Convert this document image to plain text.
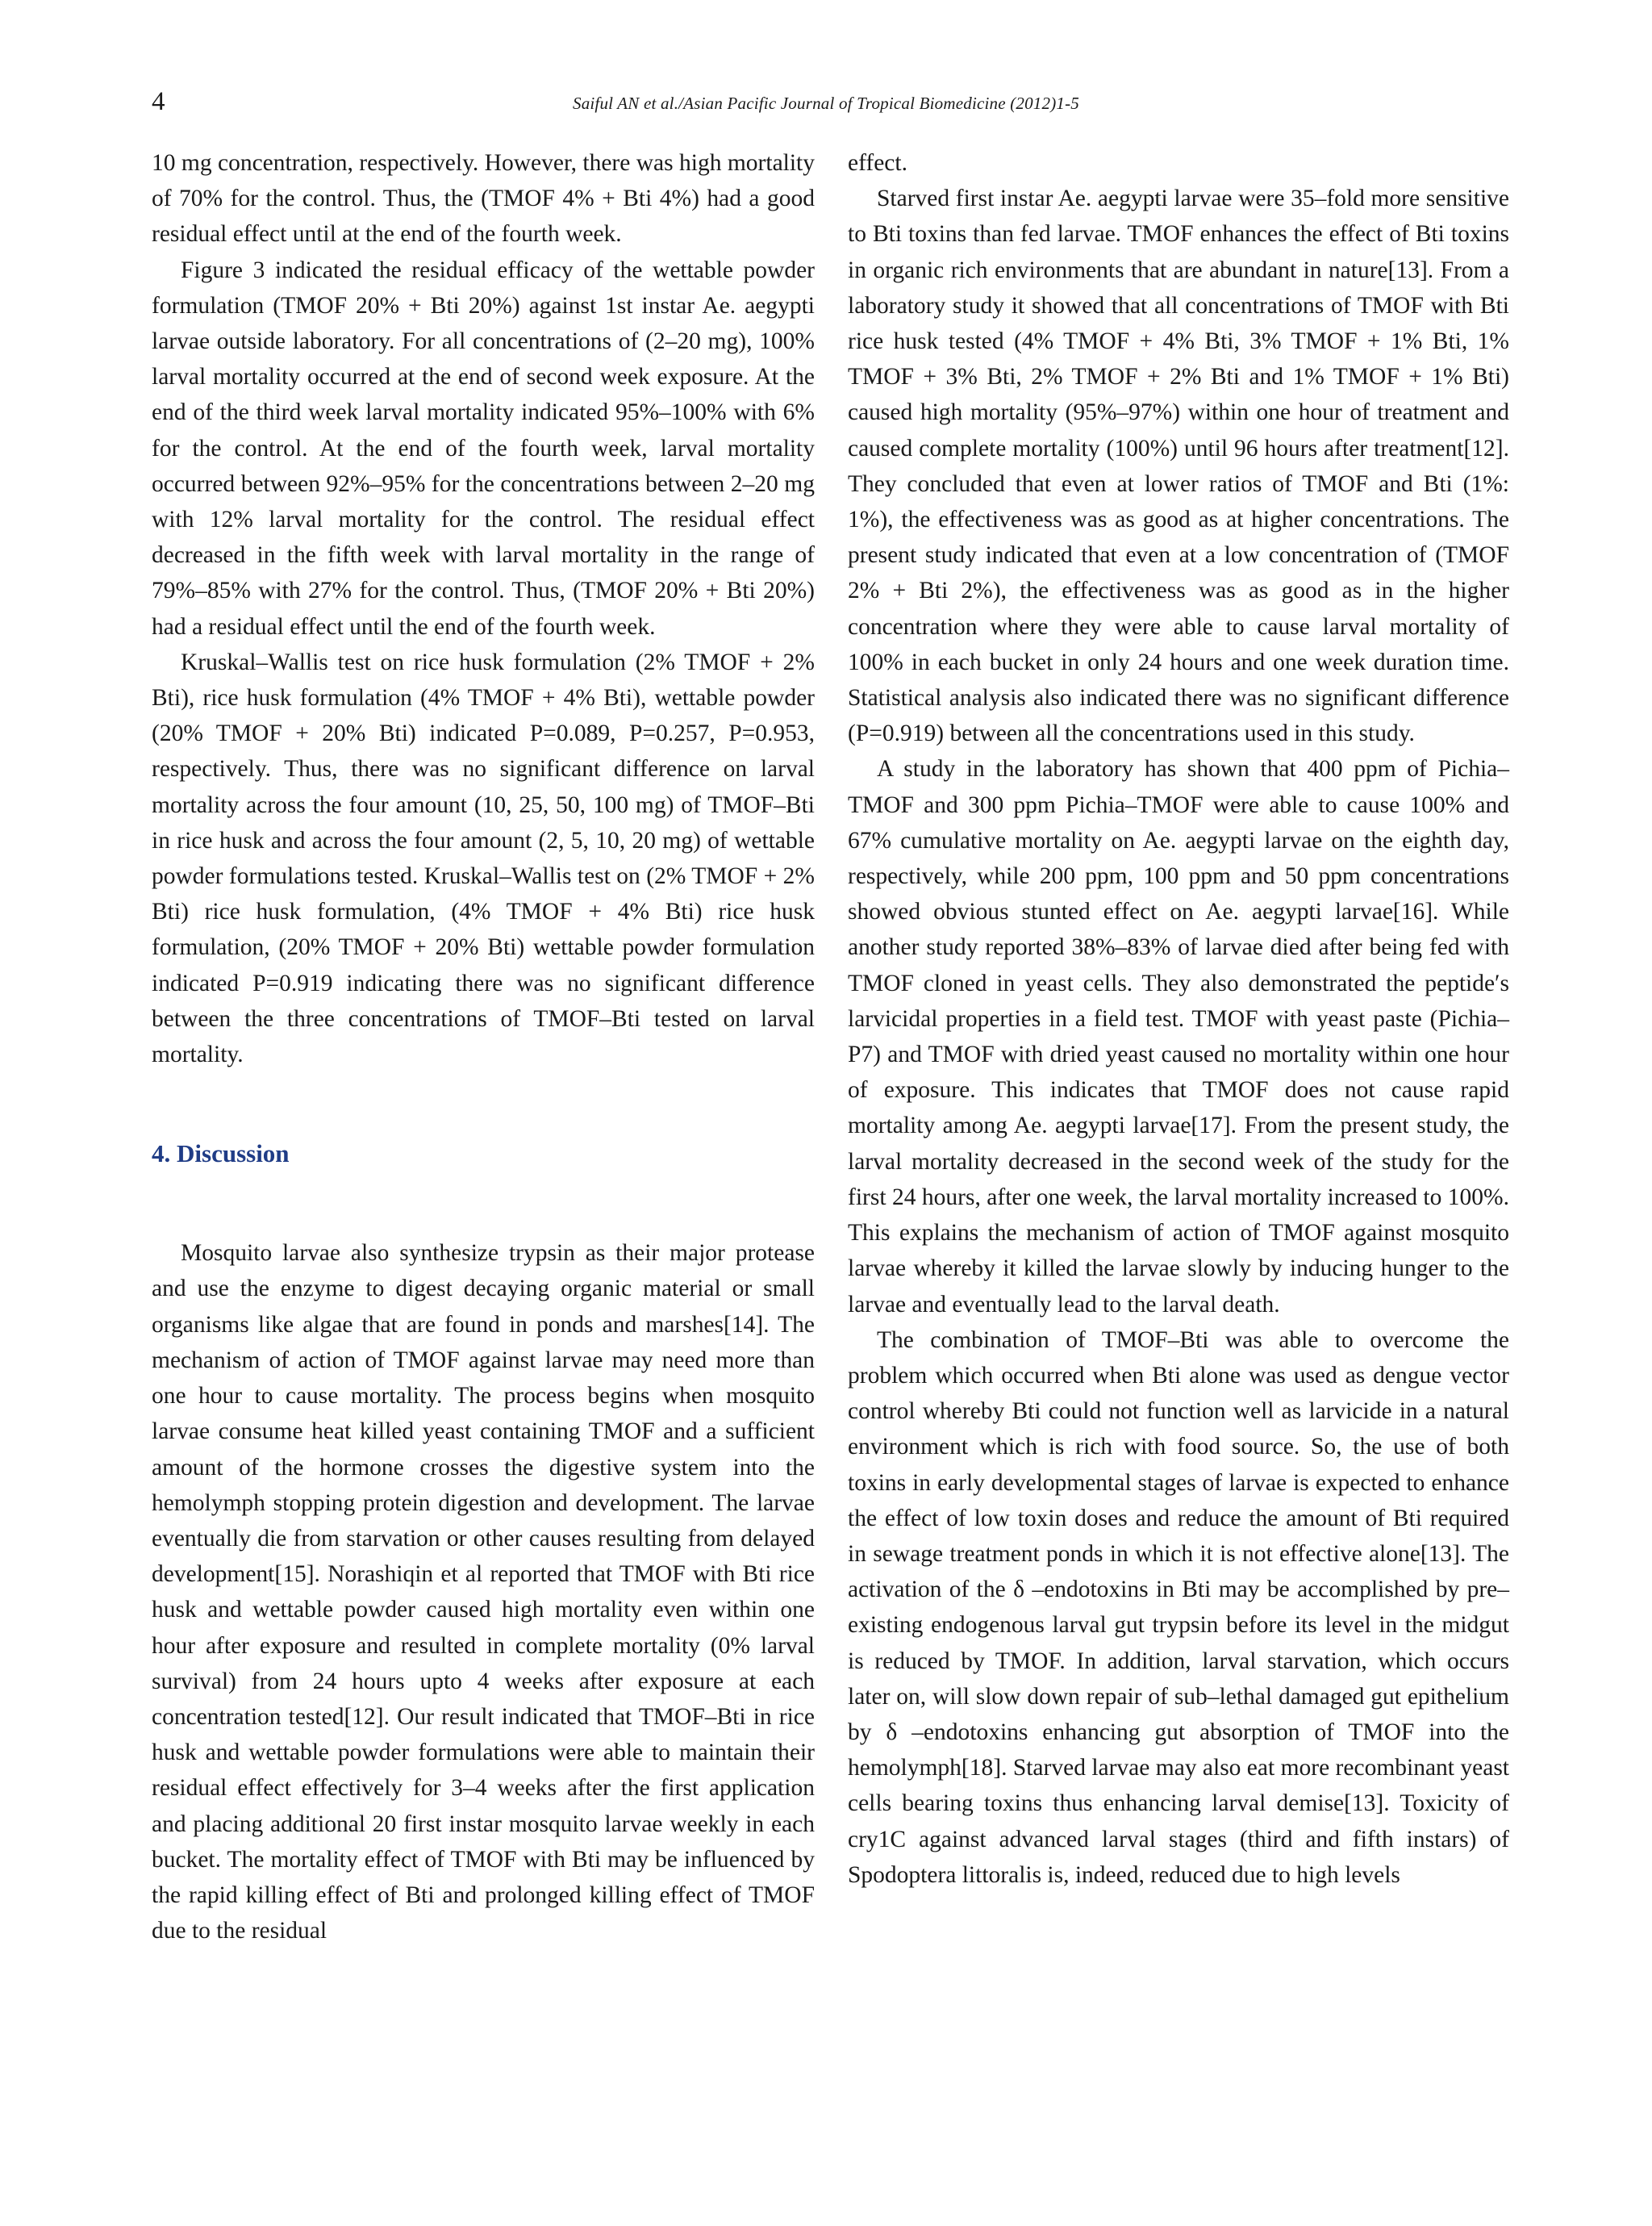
4	Saiful AN et al./Asian Pacific Journal of Tropical Biomedicine (2012)1-5

10 mg concentration, respectively. However, there was high mortality of 70% for the control. Thus, the (TMOF 4% + Bti 4%) had a good residual effect until at the end of the fourth week.

Figure 3 indicated the residual efficacy of the wettable powder formulation (TMOF 20% + Bti 20%) against 1st instar Ae. aegypti larvae outside laboratory. For all concentrations of (2–20 mg), 100% larval mortality occurred at the end of second week exposure. At the end of the third week larval mortality indicated 95%–100% with 6% for the control. At the end of the fourth week, larval mortality occurred between 92%–95% for the concentrations between 2–20 mg with 12% larval mortality for the control. The residual effect decreased in the fifth week with larval mortality in the range of 79%–85% with 27% for the control. Thus, (TMOF 20% + Bti 20%) had a residual effect until the end of the fourth week.

Kruskal–Wallis test on rice husk formulation (2% TMOF + 2% Bti), rice husk formulation (4% TMOF + 4% Bti), wettable powder (20% TMOF + 20% Bti) indicated P=0.089, P=0.257, P=0.953, respectively. Thus, there was no significant difference on larval mortality across the four amount (10, 25, 50, 100 mg) of TMOF–Bti in rice husk and across the four amount (2, 5, 10, 20 mg) of wettable powder formulations tested. Kruskal–Wallis test on (2% TMOF + 2% Bti) rice husk formulation, (4% TMOF + 4% Bti) rice husk formulation, (20% TMOF + 20% Bti) wettable powder formulation indicated P=0.919 indicating there was no significant difference between the three concentrations of TMOF–Bti tested on larval mortality.

4. Discussion

Mosquito larvae also synthesize trypsin as their major protease and use the enzyme to digest decaying organic material or small organisms like algae that are found in ponds and marshes[14]. The mechanism of action of TMOF against larvae may need more than one hour to cause mortality. The process begins when mosquito larvae consume heat killed yeast containing TMOF and a sufficient amount of the hormone crosses the digestive system into the hemolymph stopping protein digestion and development. The larvae eventually die from starvation or other causes resulting from delayed development[15]. Norashiqin et al reported that TMOF with Bti rice husk and wettable powder caused high mortality even within one hour after exposure and resulted in complete mortality (0% larval survival) from 24 hours upto 4 weeks after exposure at each concentration tested[12]. Our result indicated that TMOF–Bti in rice husk and wettable powder formulations were able to maintain their residual effect effectively for 3–4 weeks after the first application and placing additional 20 first instar mosquito larvae weekly in each bucket. The mortality effect of TMOF with Bti may be influenced by the rapid killing effect of Bti and prolonged killing effect of TMOF due to the residual

effect.

Starved first instar Ae. aegypti larvae were 35–fold more sensitive to Bti toxins than fed larvae. TMOF enhances the effect of Bti toxins in organic rich environments that are abundant in nature[13]. From a laboratory study it showed that all concentrations of TMOF with Bti rice husk tested (4% TMOF + 4% Bti, 3% TMOF + 1% Bti, 1% TMOF + 3% Bti, 2% TMOF + 2% Bti and 1% TMOF + 1% Bti) caused high mortality (95%–97%) within one hour of treatment and caused complete mortality (100%) until 96 hours after treatment[12]. They concluded that even at lower ratios of TMOF and Bti (1%: 1%), the effectiveness was as good as at higher concentrations. The present study indicated that even at a low concentration of (TMOF 2% + Bti 2%), the effectiveness was as good as in the higher concentration where they were able to cause larval mortality of 100% in each bucket in only 24 hours and one week duration time. Statistical analysis also indicated there was no significant difference (P=0.919) between all the concentrations used in this study.

A study in the laboratory has shown that 400 ppm of Pichia–TMOF and 300 ppm Pichia–TMOF were able to cause 100% and 67% cumulative mortality on Ae. aegypti larvae on the eighth day, respectively, while 200 ppm, 100 ppm and 50 ppm concentrations showed obvious stunted effect on Ae. aegypti larvae[16]. While another study reported 38%–83% of larvae died after being fed with TMOF cloned in yeast cells. They also demonstrated the peptide′s larvicidal properties in a field test. TMOF with yeast paste (Pichia–P7) and TMOF with dried yeast caused no mortality within one hour of exposure. This indicates that TMOF does not cause rapid mortality among Ae. aegypti larvae[17]. From the present study, the larval mortality decreased in the second week of the study for the first 24 hours, after one week, the larval mortality increased to 100%. This explains the mechanism of action of TMOF against mosquito larvae whereby it killed the larvae slowly by inducing hunger to the larvae and eventually lead to the larval death.

The combination of TMOF–Bti was able to overcome the problem which occurred when Bti alone was used as dengue vector control whereby Bti could not function well as larvicide in a natural environment which is rich with food source. So, the use of both toxins in early developmental stages of larvae is expected to enhance the effect of low toxin doses and reduce the amount of Bti required in sewage treatment ponds in which it is not effective alone[13]. The activation of the δ –endotoxins in Bti may be accomplished by pre–existing endogenous larval gut trypsin before its level in the midgut is reduced by TMOF. In addition, larval starvation, which occurs later on, will slow down repair of sub–lethal damaged gut epithelium by δ –endotoxins enhancing gut absorption of TMOF into the hemolymph[18]. Starved larvae may also eat more recombinant yeast cells bearing toxins thus enhancing larval demise[13]. Toxicity of cry1C against advanced larval stages (third and fifth instars) of Spodoptera littoralis is, indeed, reduced due to high levels
